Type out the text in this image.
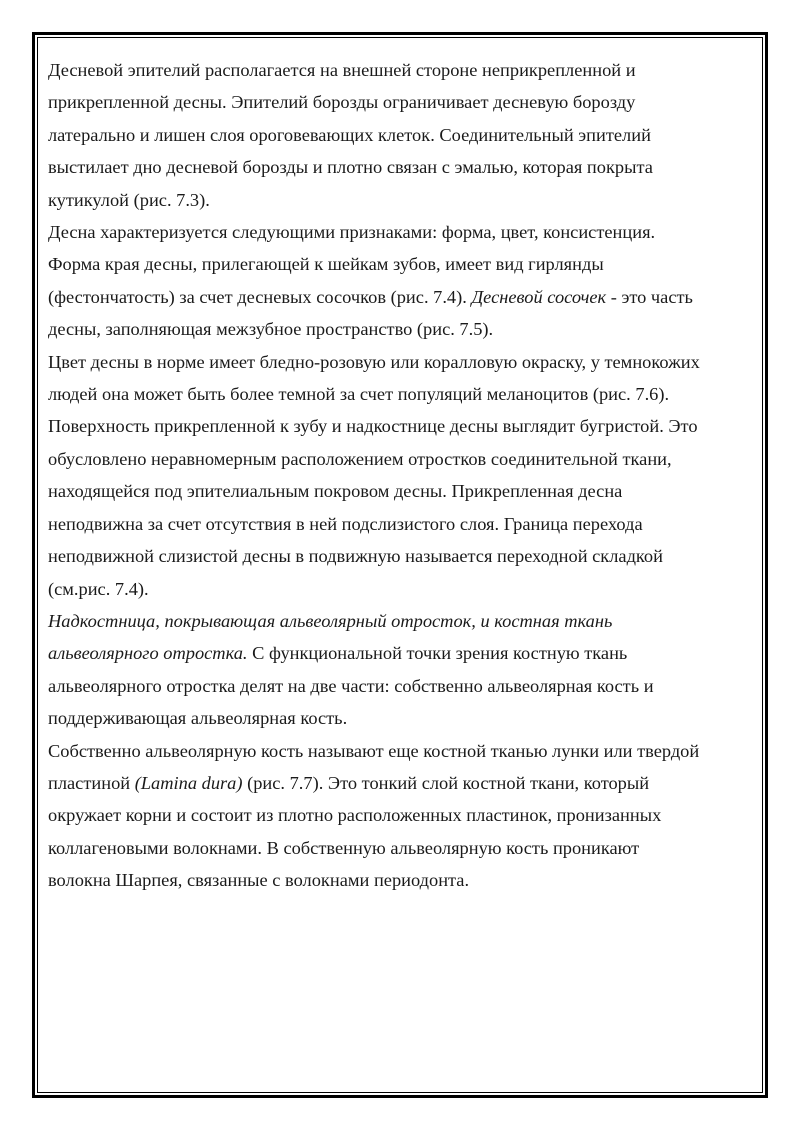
Десневой эпителий располагается на внешней стороне неприкрепленной и
прикрепленной десны. Эпителий борозды ограничивает десневую борозду
латерально и лишен слоя ороговевающих клеток. Соединительный эпителий
выстилает дно десневой борозды и плотно связан с эмалью, которая покрыта
кутикулой (рис. 7.3).
Десна характеризуется следующими признаками: форма, цвет, консистенция.
Форма края десны, прилегающей к шейкам зубов, имеет вид гирлянды
(фестончатость) за счет десневых сосочков (рис. 7.4). Десневой сосочек - это часть
десны, заполняющая межзубное пространство (рис. 7.5).
Цвет десны в норме имеет бледно-розовую или коралловую окраску, у темнокожих
людей она может быть более темной за счет популяций меланоцитов (рис. 7.6).
Поверхность прикрепленной к зубу и надкостнице десны выглядит бугристой. Это
обусловлено неравномерным расположением отростков соединительной ткани,
находящейся под эпителиальным покровом десны. Прикрепленная десна
неподвижна за счет отсутствия в ней подслизистого слоя. Граница перехода
неподвижной слизистой десны в подвижную называется переходной складкой
(см.рис. 7.4).
Надкостница, покрывающая альвеолярный отросток, и костная ткань
альвеолярного отростка. С функциональной точки зрения костную ткань
альвеолярного отростка делят на две части: собственно альвеолярная кость и
поддерживающая альвеолярная кость.
Собственно альвеолярную кость называют еще костной тканью лунки или твердой
пластиной (Lamina dura) (рис. 7.7). Это тонкий слой костной ткани, который
окружает корни и состоит из плотно расположенных пластинок, пронизанных
коллагеновыми волокнами. В собственную альвеолярную кость проникают
волокна Шарпея, связанные с волокнами периодонта.
